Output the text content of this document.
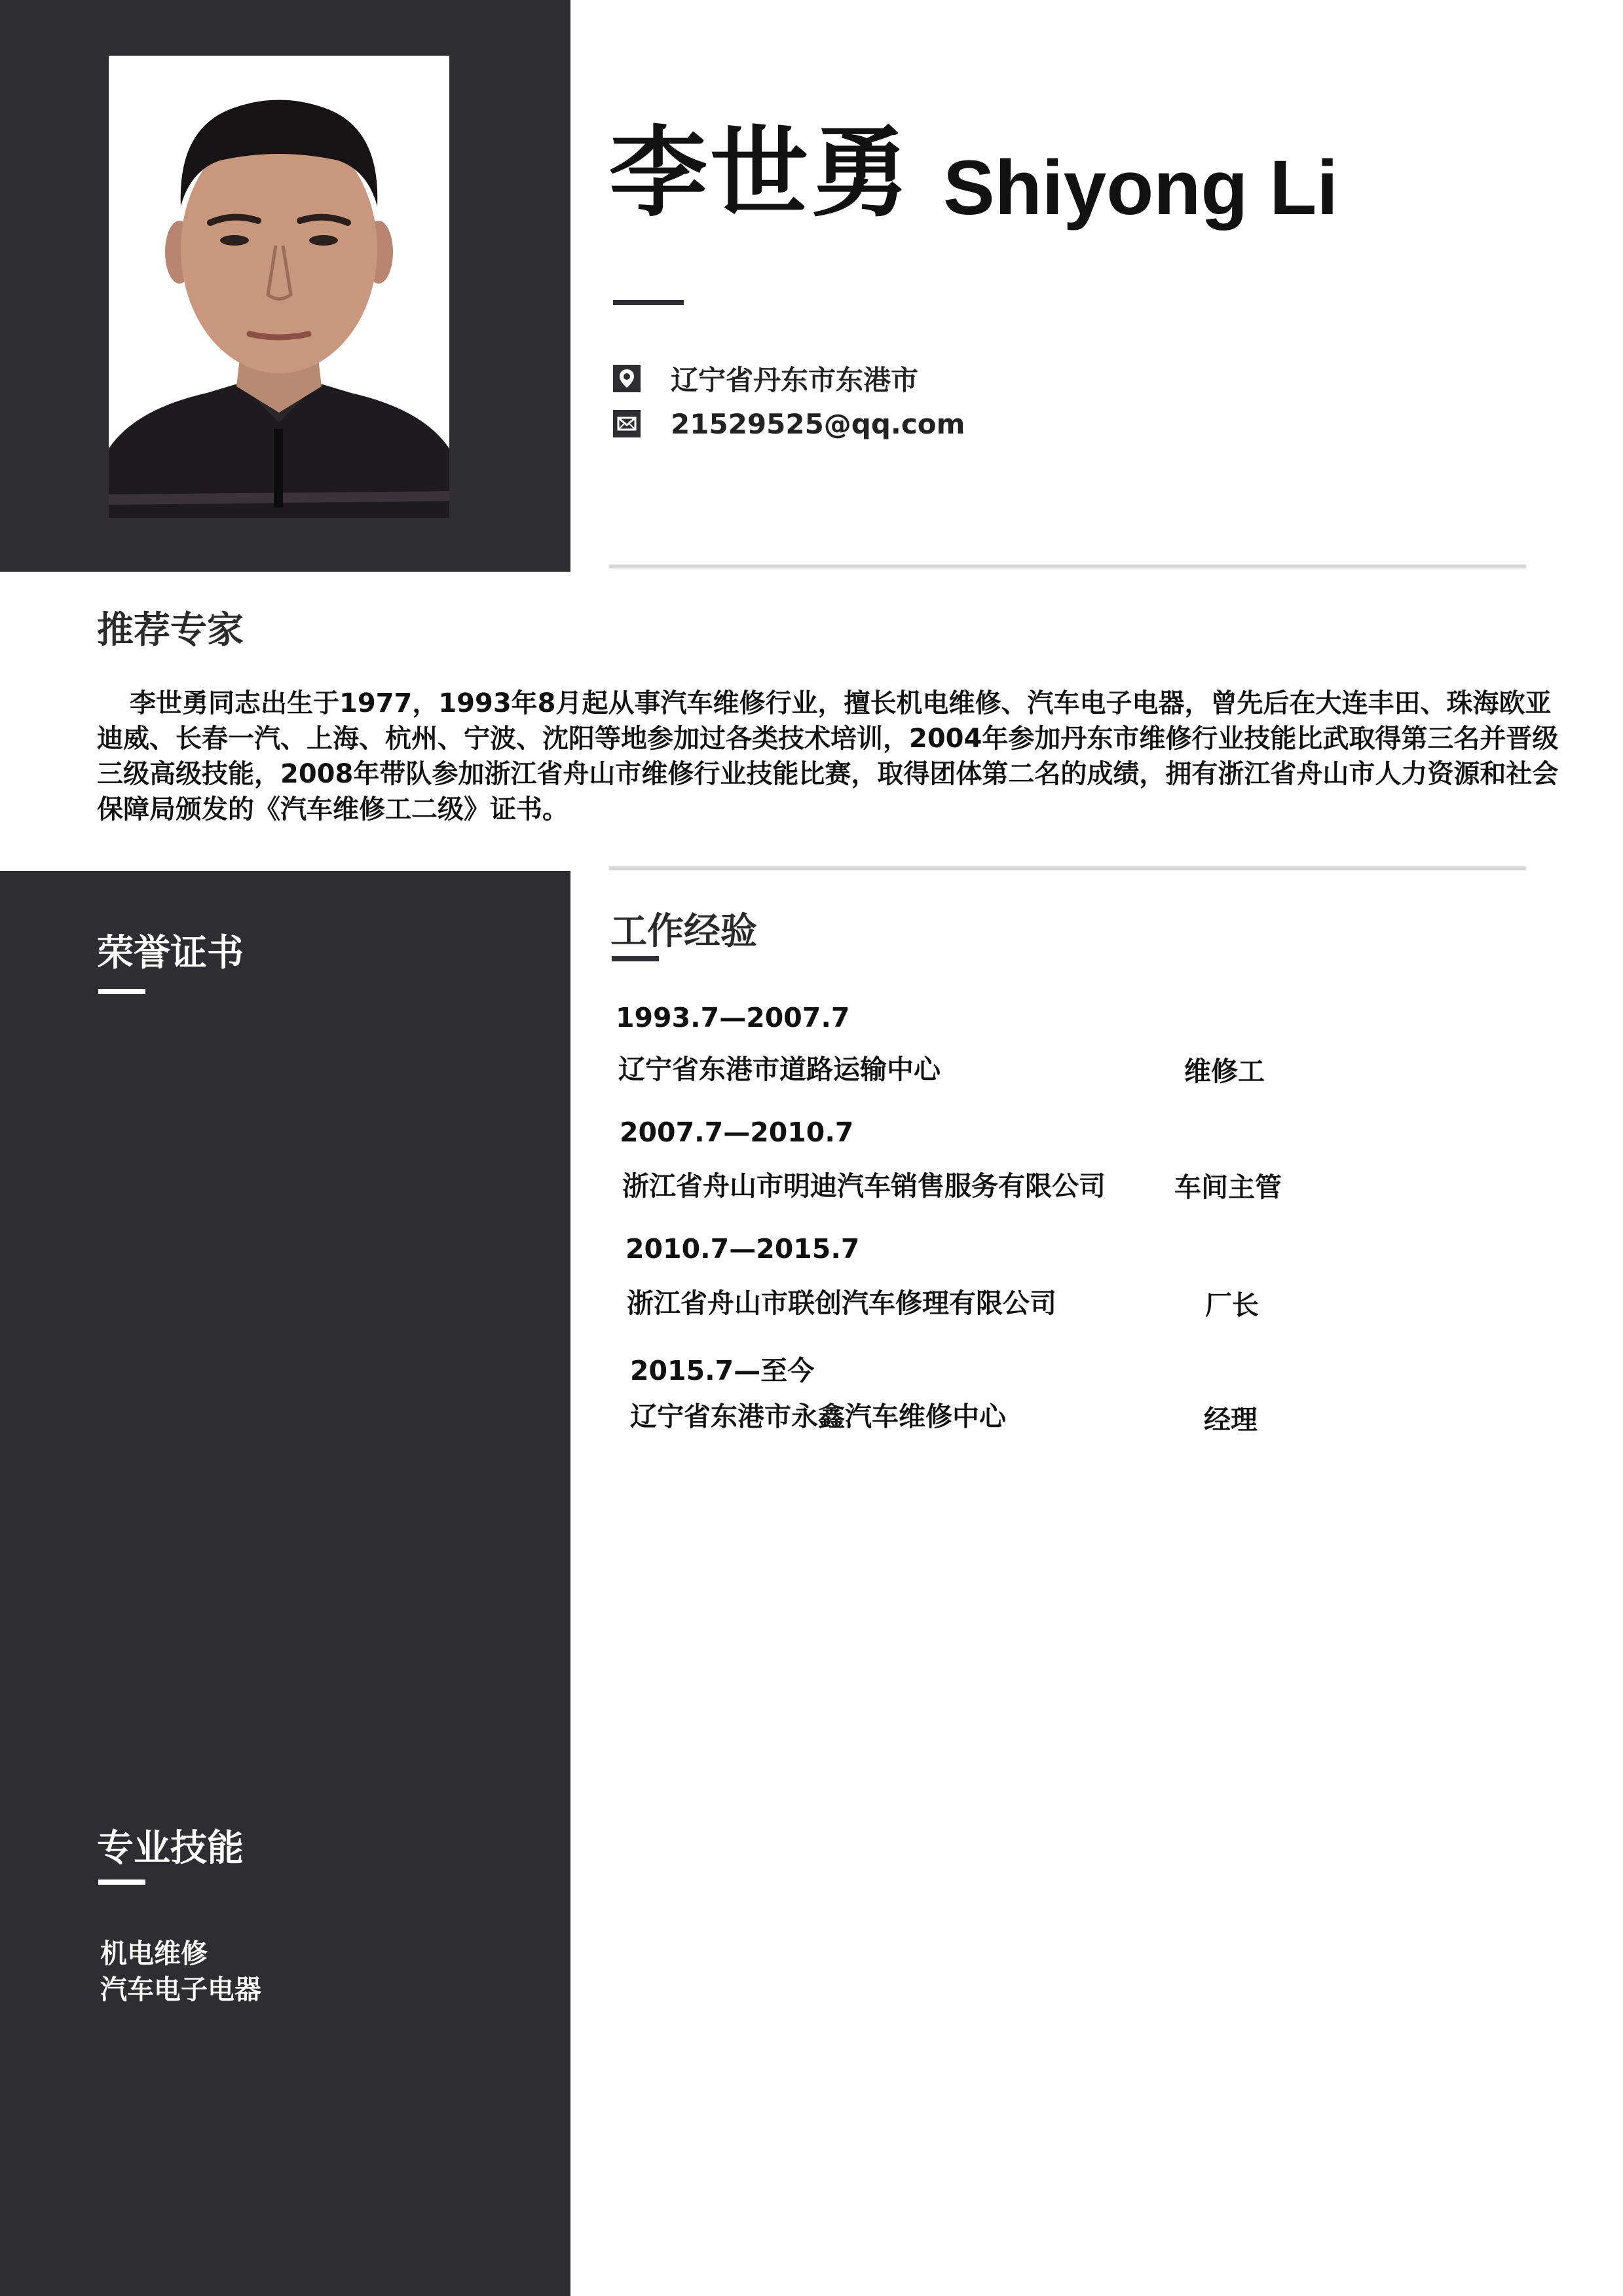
李世勇 Shiyong Li
辽宁省丹东市东港市
21529525@qq.com
推荐专家
李世勇同志出生于1977，1993年8月起从事汽车维修行业，擅长机电维修、汽车电子电器，曾先后在大连丰田、珠海欧亚迪威、长春一汽、上海、杭州、宁波、沈阳等地参加过各类技术培训，2004年参加丹东市维修行业技能比武取得第三名并晋级三级高级技能，2008年带队参加浙江省舟山市维修行业技能比赛，取得团体第二名的成绩，拥有浙江省舟山市人力资源和社会保障局颁发的《汽车维修工二级》证书。
荣誉证书
工作经验
1993.7—2007.7
辽宁省东港市道路运输中心	维修工
2007.7—2010.7
浙江省舟山市明迪汽车销售服务有限公司	车间主管
2010.7—2015.7
浙江省舟山市联创汽车修理有限公司	厂长
2015.7—至今
辽宁省东港市永鑫汽车维修中心	经理
专业技能
机电维修
汽车电子电器
